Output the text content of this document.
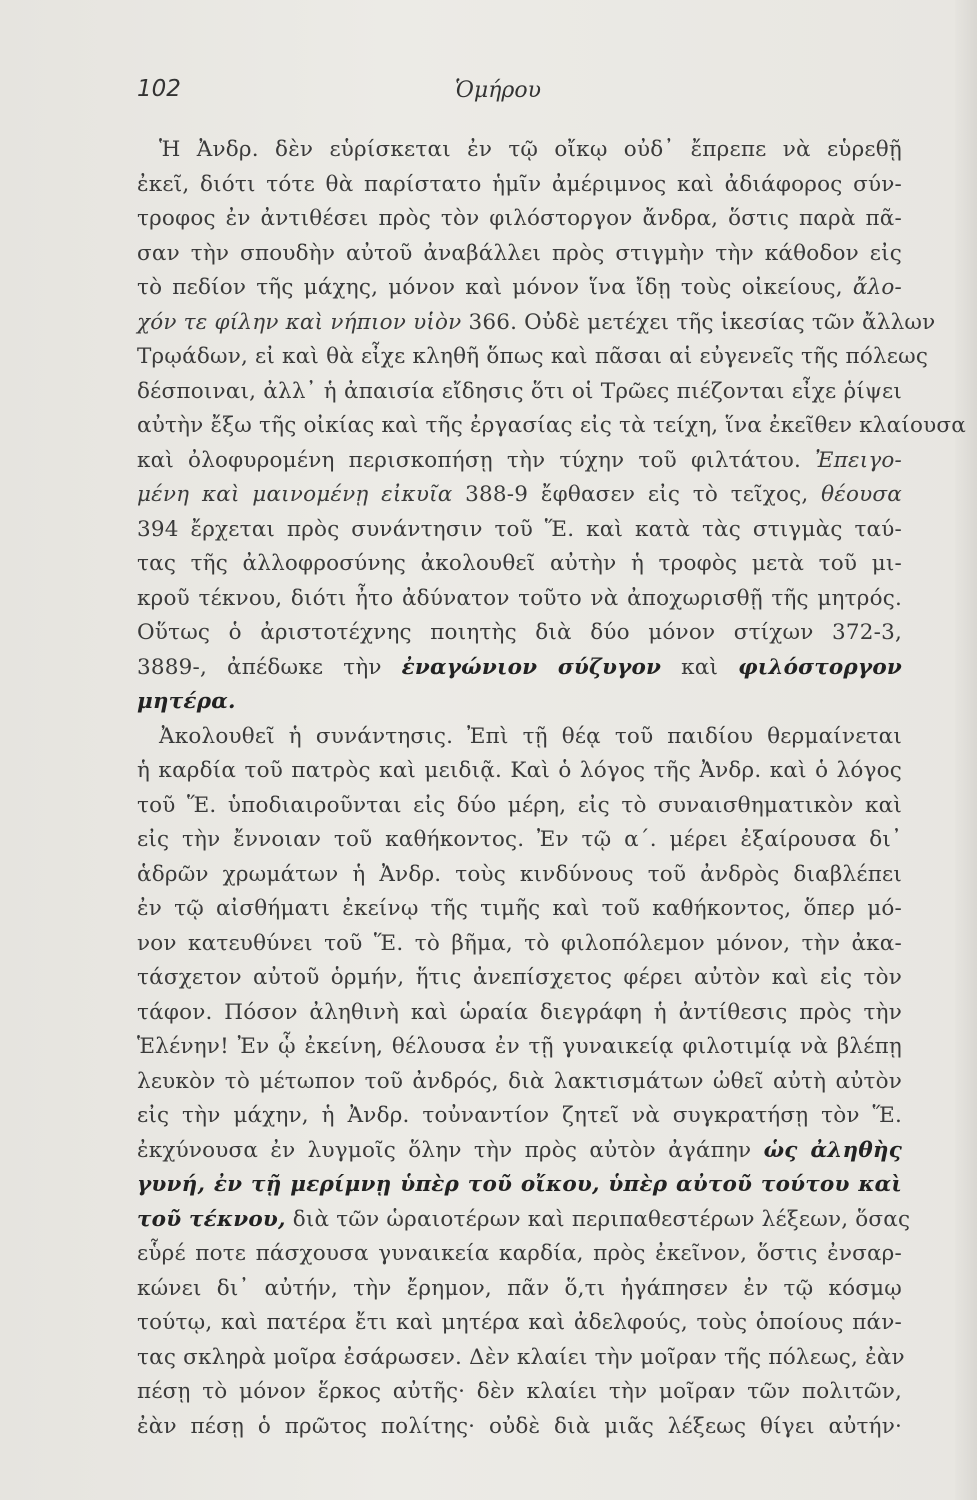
102	Ὁμήρου
Ἡ Ἀνδρ. δὲν εὑρίσκεται ἐν τῷ οἴκῳ οὐδ᾽ ἔπρεπε νὰ εὑρεθῇ
ἐκεῖ, διότι τότε θὰ παρίστατο ἡμῖν ἀμέριμνος καὶ ἀδιάφορος σύν-
τροφος ἐν ἀντιθέσει πρὸς τὸν φιλόστοργον ἄνδρα, ὅστις παρὰ πᾶ-
σαν τὴν σπουδὴν αὐτοῦ ἀναβάλλει πρὸς στιγμὴν τὴν κάθοδον εἰς
τὸ πεδίον τῆς μάχης, μόνον καὶ μόνον ἵνα ἴδῃ τοὺς οἰκείους, ἄλο-
χόν τε φίλην καὶ νήπιον υἱὸν 366. Οὐδὲ μετέχει τῆς ἱκεσίας τῶν ἄλλων
Τρῳάδων, εἰ καὶ θὰ εἶχε κληθῆ ὅπως καὶ πᾶσαι αἱ εὐγενεῖς τῆς πόλεως
δέσποιναι, ἀλλ᾽ ἡ ἀπαισία εἴδησις ὅτι οἱ Τρῶες πιέζονται εἶχε ῥίψει
αὐτὴν ἔξω τῆς οἰκίας καὶ τῆς ἐργασίας εἰς τὰ τείχη, ἵνα ἐκεῖθεν κλαίουσα
καὶ ὀλοφυρομένη περισκοπήσῃ τὴν τύχην τοῦ φιλτάτου. Ἐπειγο-
μένη καὶ μαινομένῃ εἰκυῖα 388-9 ἔφθασεν εἰς τὸ τεῖχος, θέουσα
394 ἔρχεται πρὸς συνάντησιν τοῦ Ἕ. καὶ κατὰ τὰς στιγμὰς ταύ-
τας τῆς ἀλλοφροσύνης ἀκολουθεῖ αὐτὴν ἡ τροφὸς μετὰ τοῦ μι-
κροῦ τέκνου, διότι ἦτο ἀδύνατον τοῦτο νὰ ἀποχωρισθῇ τῆς μητρός.
Οὕτως ὁ ἀριστοτέχνης ποιητὴς διὰ δύο μόνον στίχων 372-3,
3889-, ἀπέδωκε τὴν ἐναγώνιον σύζυγον καὶ φιλόστοργον
μητέρα.
Ἀκολουθεῖ ἡ συνάντησις. Ἐπὶ τῇ θέᾳ τοῦ παιδίου θερμαίνεται
ἡ καρδία τοῦ πατρὸς καὶ μειδιᾷ. Καὶ ὁ λόγος τῆς Ἀνδρ. καὶ ὁ λόγος
τοῦ Ἕ. ὑποδιαιροῦνται εἰς δύο μέρη, εἰς τὸ συναισθηματικὸν καὶ
εἰς τὴν ἔννοιαν τοῦ καθήκοντος. Ἐν τῷ α΄. μέρει ἐξαίρουσα δι᾽
ἁδρῶν χρωμάτων ἡ Ἀνδρ. τοὺς κινδύνους τοῦ ἀνδρὸς διαβλέπει
ἐν τῷ αἰσθήματι ἐκείνῳ τῆς τιμῆς καὶ τοῦ καθήκοντος, ὅπερ μό-
νον κατευθύνει τοῦ Ἕ. τὸ βῆμα, τὸ φιλοπόλεμον μόνον, τὴν ἀκα-
τάσχετον αὐτοῦ ὁρμήν, ἥτις ἀνεπίσχετος φέρει αὐτὸν καὶ εἰς τὸν
τάφον. Πόσον ἀληθινὴ καὶ ὡραία διεγράφη ἡ ἀντίθεσις πρὸς τὴν
Ἑλένην! Ἐν ᾧ ἐκείνη, θέλουσα ἐν τῇ γυναικείᾳ φιλοτιμίᾳ νὰ βλέπῃ
λευκὸν τὸ μέτωπον τοῦ ἀνδρός, διὰ λακτισμάτων ὠθεῖ αὐτὴ αὐτὸν
εἰς τὴν μάχην, ἡ Ἀνδρ. τοὐναντίον ζητεῖ νὰ συγκρατήσῃ τὸν Ἕ.
ἐκχύνουσα ἐν λυγμοῖς ὅλην τὴν πρὸς αὐτὸν ἀγάπην ὡς ἀληθὴς
γυνή, ἐν τῇ μερίμνῃ ὑπὲρ τοῦ οἴκου, ὑπὲρ αὐτοῦ τούτου καὶ
τοῦ τέκνου, διὰ τῶν ὡραιοτέρων καὶ περιπαθεστέρων λέξεων, ὅσας
εὗρέ ποτε πάσχουσα γυναικεία καρδία, πρὸς ἐκεῖνον, ὅστις ἐνσαρ-
κώνει δι᾽ αὐτήν, τὴν ἔρημον, πᾶν ὅ,τι ἠγάπησεν ἐν τῷ κόσμῳ
τούτῳ, καὶ πατέρα ἔτι καὶ μητέρα καὶ ἀδελφούς, τοὺς ὁποίους πάν-
τας σκληρὰ μοῖρα ἐσάρωσεν. Δὲν κλαίει τὴν μοῖραν τῆς πόλεως, ἐὰν
πέσῃ τὸ μόνον ἕρκος αὐτῆς· δὲν κλαίει τὴν μοῖραν τῶν πολιτῶν,
ἐὰν πέσῃ ὁ πρῶτος πολίτης· οὐδὲ διὰ μιᾶς λέξεως θίγει αὐτήν·
